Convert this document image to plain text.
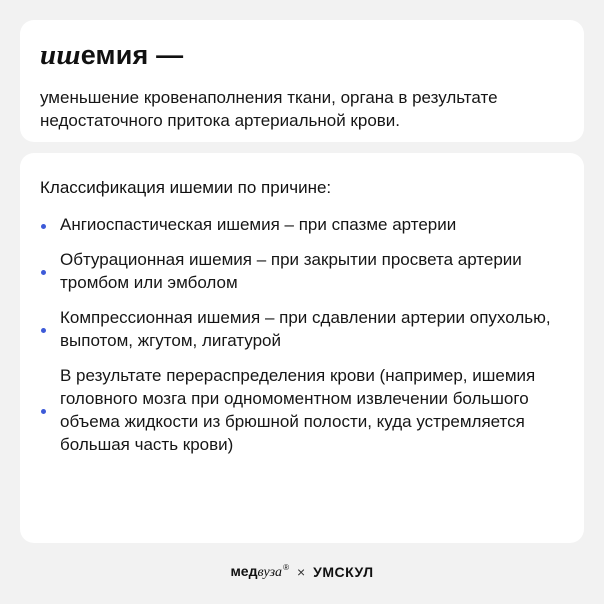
ишемия —

уменьшение кровенаполнения ткани, органа в результате недостаточного притока артериальной крови.

Классификация ишемии по причине:
Ангиоспастическая ишемия – при спазме артерии
Обтурационная ишемия – при закрытии просвета артерии тромбом или эмболом
Компрессионная ишемия – при сдавлении артерии опухолью, выпотом, жгутом, лигатурой
В результате перераспределения крови (например, ишемия головного мозга при одномоментном извлечении большого объема жидкости из брюшной полости, куда устремляется большая часть крови)
медвуза® × УМСКУЛ
